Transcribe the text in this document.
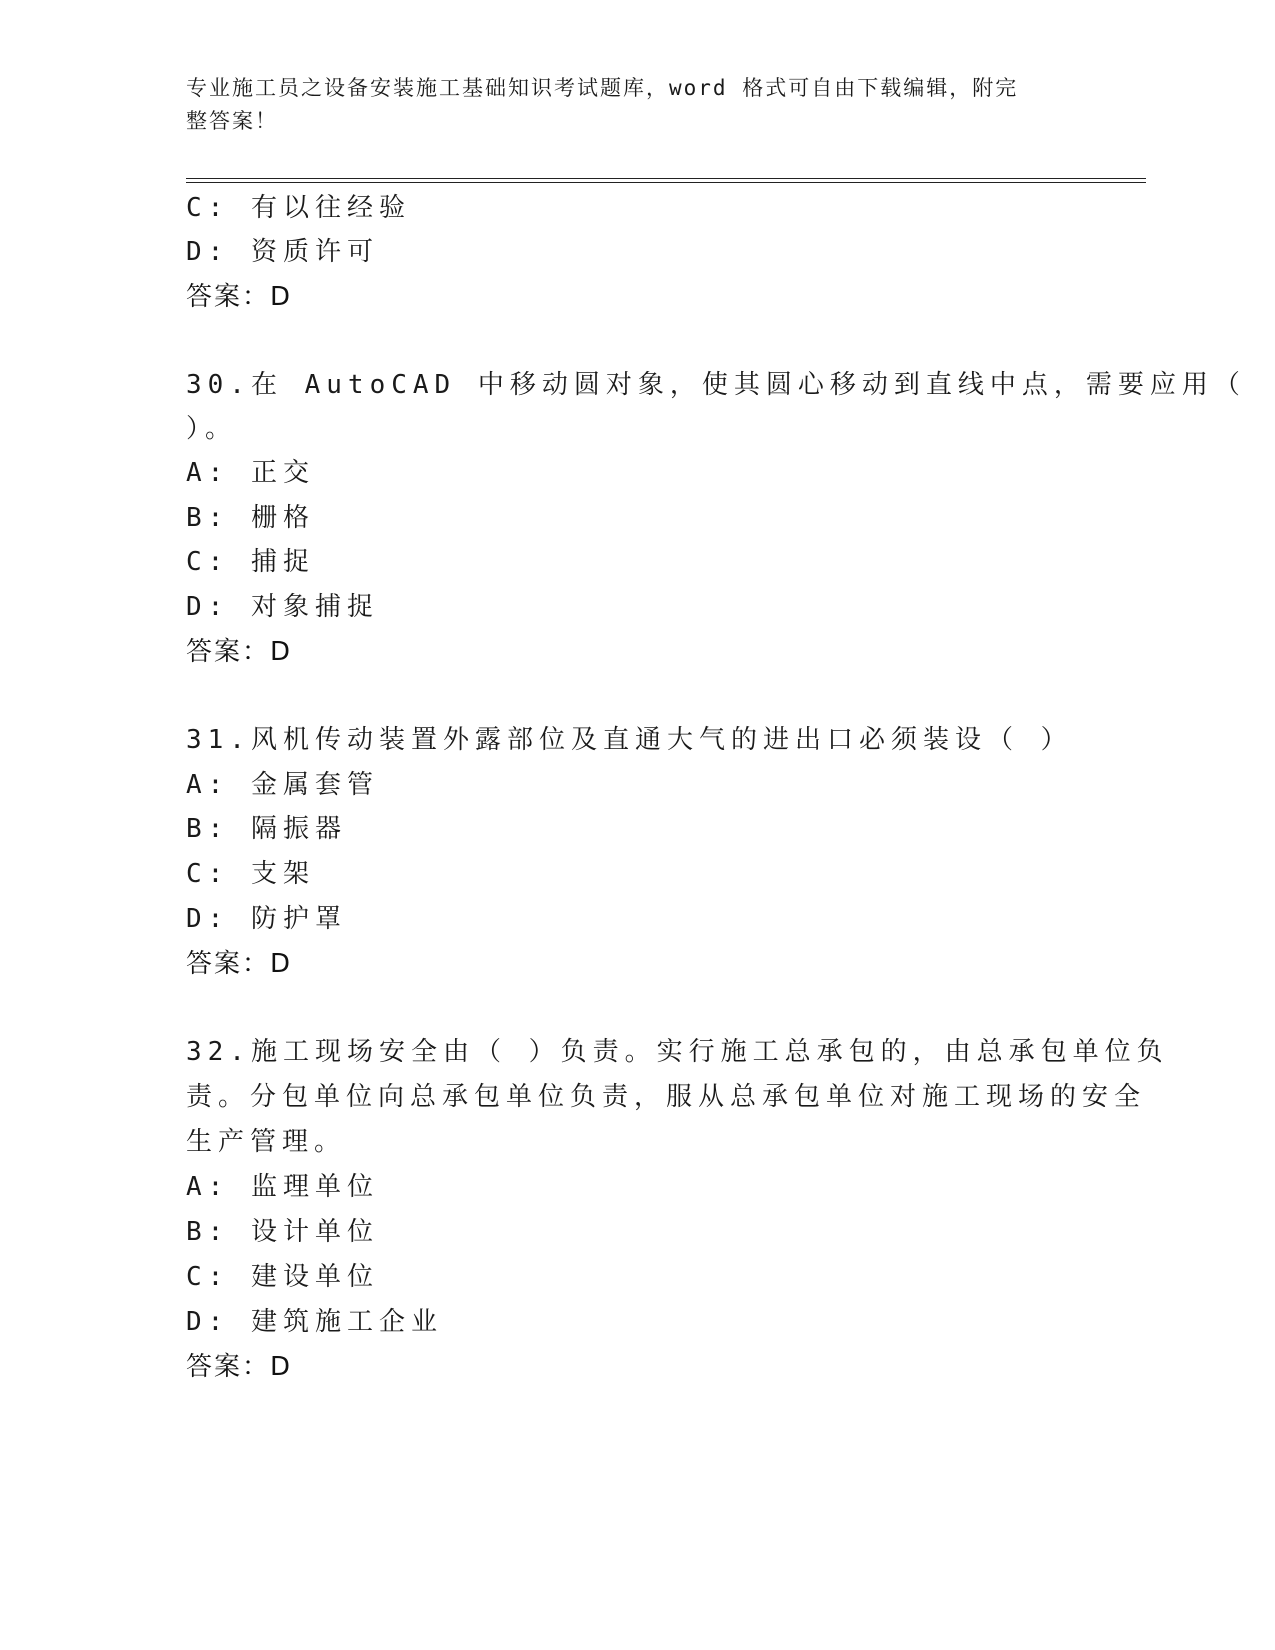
专业施工员之设备安装施工基础知识考试题库，word 格式可自由下载编辑，附完
整答案！
C: 有以往经验
D: 资质许可
答案：D
30.在 AutoCAD 中移动圆对象，使其圆心移动到直线中点，需要应用（
）。
A: 正交
B: 栅格
C: 捕捉
D: 对象捕捉
答案：D
31.风机传动装置外露部位及直通大气的进出口必须装设（ ）
A: 金属套管
B: 隔振器
C: 支架
D: 防护罩
答案：D
32.施工现场安全由（ ）负责。实行施工总承包的，由总承包单位负
责。分包单位向总承包单位负责，服从总承包单位对施工现场的安全
生产管理。
A: 监理单位
B: 设计单位
C: 建设单位
D: 建筑施工企业
答案：D
